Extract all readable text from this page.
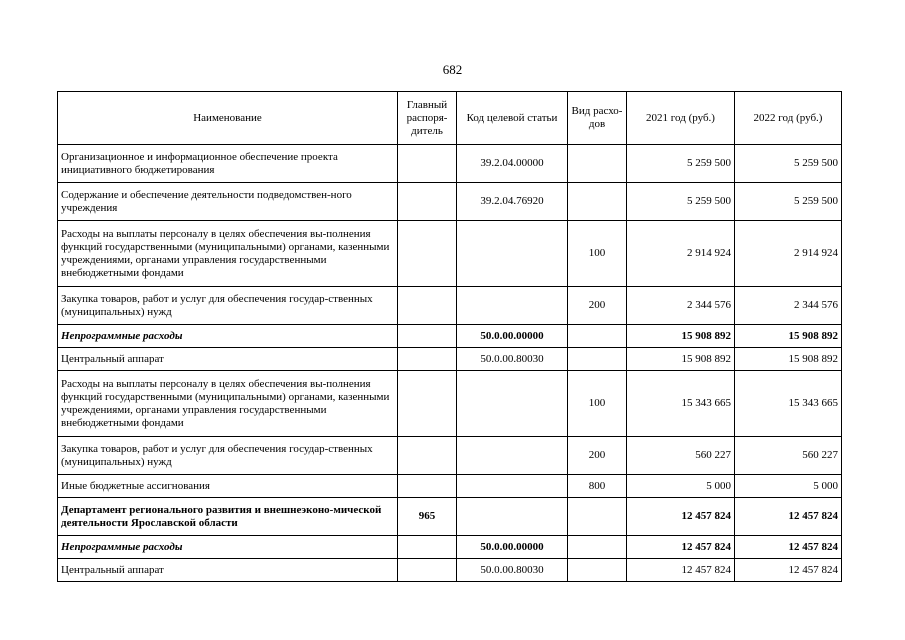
682
Наименование	Главный распоря-дитель	Код целевой статьи	Вид расхо-дов	2021 год (руб.)	2022 год (руб.)
Организационное и информационное обеспечение проекта инициативного бюджетирования		39.2.04.00000		5 259 500	5 259 500
Содержание и обеспечение деятельности подведомствен-ного учреждения		39.2.04.76920		5 259 500	5 259 500
Расходы на выплаты персоналу в целях обеспечения вы-полнения функций государственными (муниципальными) органами, казенными учреждениями, органами управления государственными внебюджетными фондами			100	2 914 924	2 914 924
Закупка товаров, работ и услуг для обеспечения государ-ственных (муниципальных) нужд			200	2 344 576	2 344 576
Непрограммные расходы		50.0.00.00000		15 908 892	15 908 892
Центральный аппарат		50.0.00.80030		15 908 892	15 908 892
Расходы на выплаты персоналу в целях обеспечения вы-полнения функций государственными (муниципальными) органами, казенными учреждениями, органами управления государственными внебюджетными фондами			100	15 343 665	15 343 665
Закупка товаров, работ и услуг для обеспечения государ-ственных (муниципальных) нужд			200	560 227	560 227
Иные бюджетные ассигнования			800	5 000	5 000
Департамент регионального развития и внешнеэконо-мической деятельности Ярославской области	965			12 457 824	12 457 824
Непрограммные расходы		50.0.00.00000		12 457 824	12 457 824
Центральный аппарат		50.0.00.80030		12 457 824	12 457 824
